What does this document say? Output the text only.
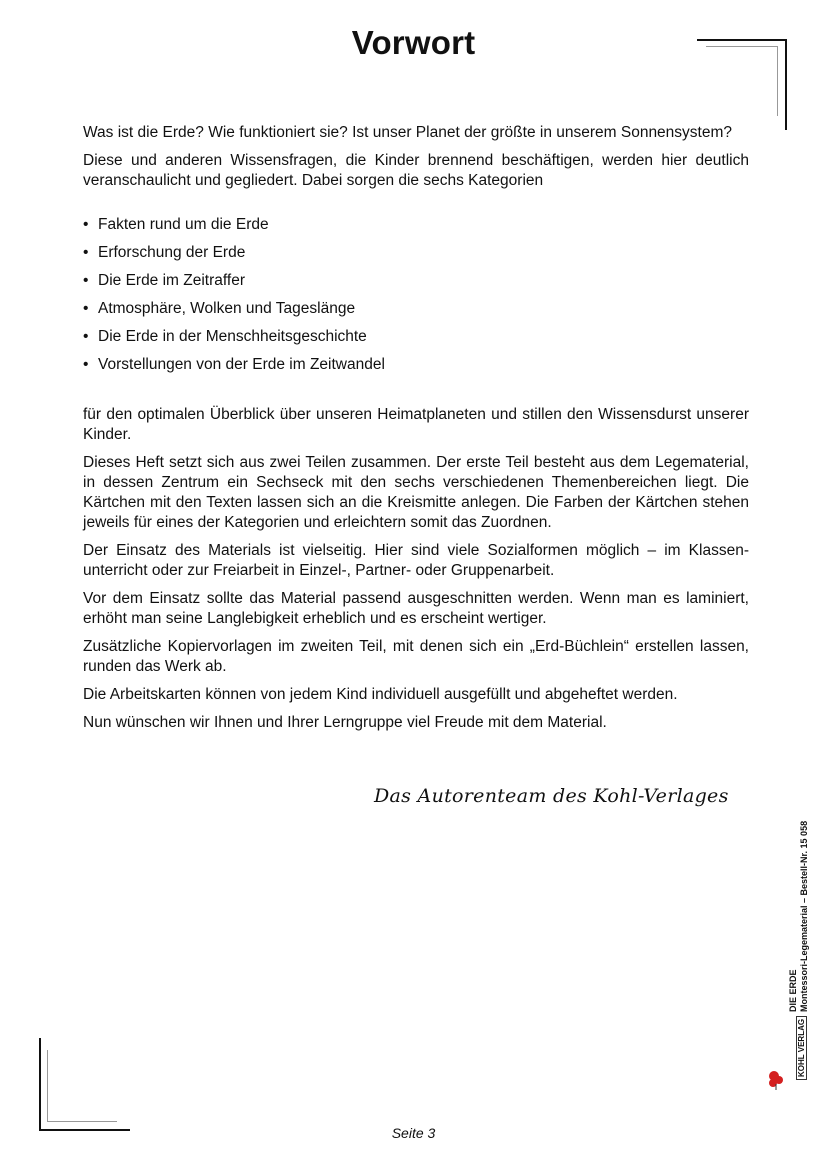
Vorwort

Was ist die Erde? Wie funktioniert sie? Ist unser Planet der größte in unserem Sonnensystem?

Diese und anderen Wissensfragen, die Kinder brennend beschäftigen, werden hier deutlich veranschaulicht und gegliedert. Dabei sorgen die sechs Kategorien

• Fakten rund um die Erde
• Erforschung der Erde
• Die Erde im Zeitraffer
• Atmosphäre, Wolken und Tageslänge
• Die Erde in der Menschheitsgeschichte
• Vorstellungen von der Erde im Zeitwandel

für den optimalen Überblick über unseren Heimatplaneten und stillen den Wissensdurst unserer Kinder.

Dieses Heft setzt sich aus zwei Teilen zusammen. Der erste Teil besteht aus dem Legematerial, in dessen Zentrum ein Sechseck mit den sechs verschiedenen Themenbereichen liegt. Die Kärtchen mit den Texten lassen sich an die Kreismitte anlegen. Die Farben der Kärtchen stehen jeweils für eines der Kategorien und erleichtern somit das Zuordnen.

Der Einsatz des Materials ist vielseitig. Hier sind viele Sozialformen möglich – im Klassenunterricht oder zur Freiarbeit in Einzel-, Partner- oder Gruppenarbeit.

Vor dem Einsatz sollte das Material passend ausgeschnitten werden. Wenn man es laminiert, erhöht man seine Langlebigkeit erheblich und es erscheint wertiger.

Zusätzliche Kopiervorlagen im zweiten Teil, mit denen sich ein „Erd-Büchlein“ erstellen lassen, runden das Werk ab.

Die Arbeitskarten können von jedem Kind individuell ausgefüllt und abgeheftet werden.

Nun wünschen wir Ihnen und Ihrer Lerngruppe viel Freude mit dem Material.

Das Autorenteam des Kohl-Verlages
DIE ERDE Montessori-Legematerial – Bestell-Nr. 15 058
KOHL VERLAG
Seite 3
